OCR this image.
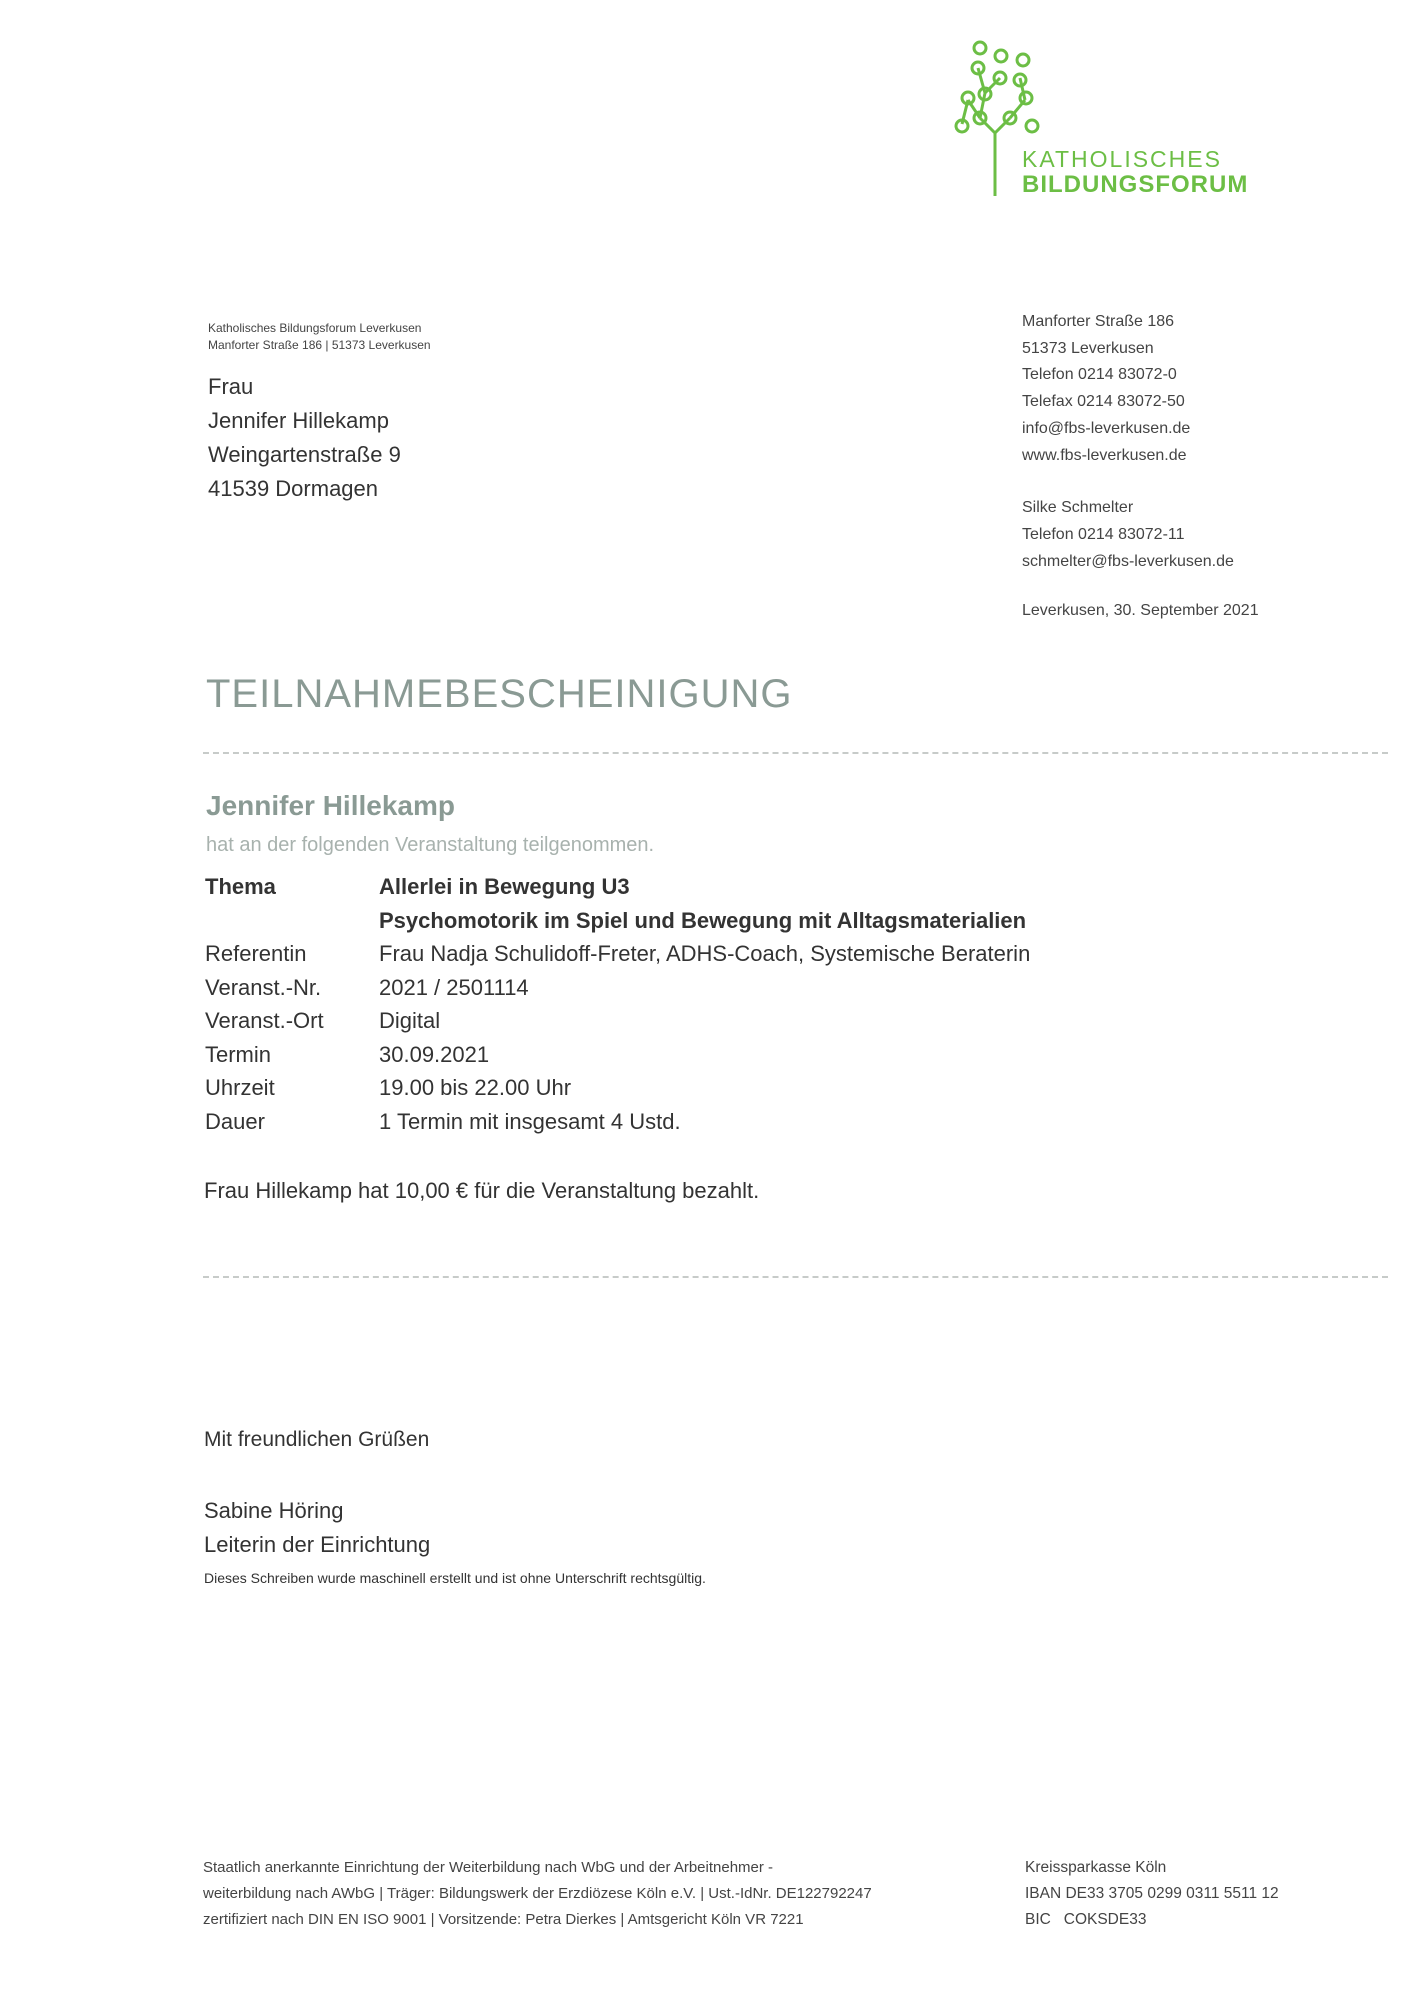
KATHOLISCHES
BILDUNGSFORUM
Katholisches Bildungsforum Leverkusen
Manforter Straße 186 | 51373 Leverkusen
Frau
Jennifer Hillekamp
Weingartenstraße 9
41539 Dormagen
Manforter Straße 186
51373 Leverkusen
Telefon 0214 83072-0
Telefax 0214 83072-50
info@fbs-leverkusen.de
www.fbs-leverkusen.de
Silke Schmelter
Telefon 0214 83072-11
schmelter@fbs-leverkusen.de
Leverkusen, 30. September 2021
TEILNAHMEBESCHEINIGUNG
Jennifer Hillekamp
hat an der folgenden Veranstaltung teilgenommen.
Thema	Allerlei in Bewegung U3
Psychomotorik im Spiel und Bewegung mit Alltagsmaterialien
Referentin	Frau Nadja Schulidoff-Freter, ADHS-Coach, Systemische Beraterin
Veranst.-Nr.	2021 / 2501114
Veranst.-Ort	Digital
Termin	30.09.2021
Uhrzeit	19.00 bis 22.00 Uhr
Dauer	1 Termin mit insgesamt 4 Ustd.
Frau Hillekamp hat 10,00 € für die Veranstaltung bezahlt.
Mit freundlichen Grüßen
Sabine Höring
Leiterin der Einrichtung
Dieses Schreiben wurde maschinell erstellt und ist ohne Unterschrift rechtsgültig.
Staatlich anerkannte Einrichtung der Weiterbildung nach WbG und der Arbeitnehmer -
weiterbildung nach AWbG | Träger: Bildungswerk der Erzdiözese Köln e.V. | Ust.-IdNr. DE122792247
zertifiziert nach DIN EN ISO 9001 | Vorsitzende: Petra Dierkes | Amtsgericht Köln VR 7221
Kreissparkasse Köln
IBAN DE33 3705 0299 0311 5511 12
BIC   COKSDE33
